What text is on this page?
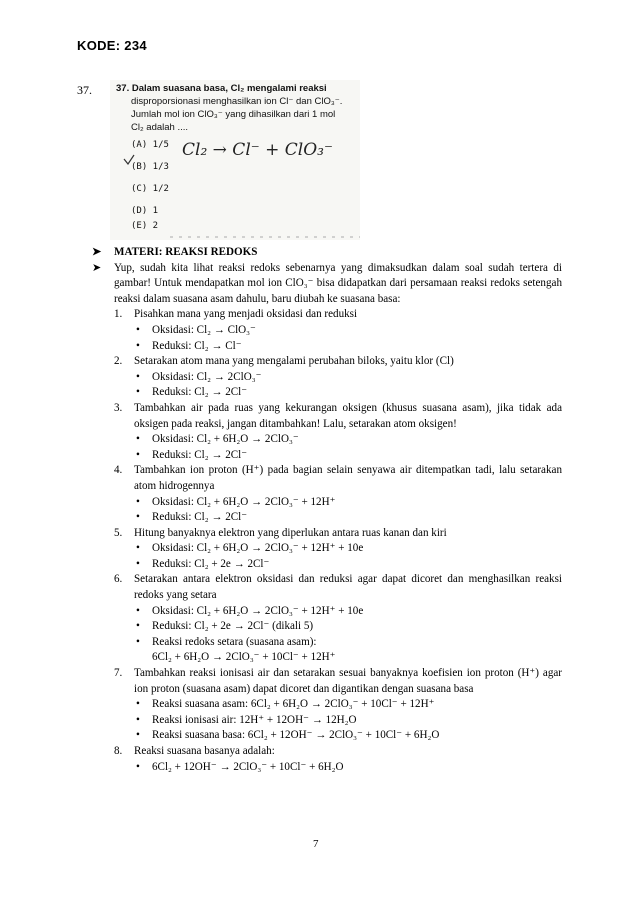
KODE: 234
37.	37. Dalam suasana basa, Cl₂ mengalami reaksi
disproporsionasi menghasilkan ion Cl⁻ dan ClO₃⁻.
Jumlah mol ion ClO₃⁻ yang dihasilkan dari 1 mol
Cl₂ adalah ....
(A) 1/5
(B) 1/3
(C) 1/2
(D) 1
(E) 2
Cl₂ → Cl⁻ + ClO₃⁻
➤ MATERI: REAKSI REDOKS
➤ Yup, sudah kita lihat reaksi redoks sebenarnya yang dimaksudkan dalam soal sudah tertera di gambar! Untuk mendapatkan mol ion ClO₃⁻ bisa didapatkan dari persamaan reaksi redoks setengah reaksi dalam suasana asam dahulu, baru diubah ke suasana basa:
1. Pisahkan mana yang menjadi oksidasi dan reduksi
• Oksidasi: Cl₂ → ClO₃⁻
• Reduksi: Cl₂ → Cl⁻
2. Setarakan atom mana yang mengalami perubahan biloks, yaitu klor (Cl)
• Oksidasi: Cl₂ → 2ClO₃⁻
• Reduksi: Cl₂ → 2Cl⁻
3. Tambahkan air pada ruas yang kekurangan oksigen (khusus suasana asam), jika tidak ada oksigen pada reaksi, jangan ditambahkan! Lalu, setarakan atom oksigen!
• Oksidasi: Cl₂ + 6H₂O → 2ClO₃⁻
• Reduksi: Cl₂ → 2Cl⁻
4. Tambahkan ion proton (H⁺) pada bagian selain senyawa air ditempatkan tadi, lalu setarakan atom hidrogennya
• Oksidasi: Cl₂ + 6H₂O → 2ClO₃⁻ + 12H⁺
• Reduksi: Cl₂ → 2Cl⁻
5. Hitung banyaknya elektron yang diperlukan antara ruas kanan dan kiri
• Oksidasi: Cl₂ + 6H₂O → 2ClO₃⁻ + 12H⁺ + 10e
• Reduksi: Cl₂ + 2e → 2Cl⁻
6. Setarakan antara elektron oksidasi dan reduksi agar dapat dicoret dan menghasilkan reaksi redoks yang setara
• Oksidasi: Cl₂ + 6H₂O → 2ClO₃⁻ + 12H⁺ + 10e
• Reduksi: Cl₂ + 2e → 2Cl⁻ (dikali 5)
• Reaksi redoks setara (suasana asam):
6Cl₂ + 6H₂O → 2ClO₃⁻ + 10Cl⁻ + 12H⁺
7. Tambahkan reaksi ionisasi air dan setarakan sesuai banyaknya koefisien ion proton (H⁺) agar ion proton (suasana asam) dapat dicoret dan digantikan dengan suasana basa
• Reaksi suasana asam: 6Cl₂ + 6H₂O → 2ClO₃⁻ + 10Cl⁻ + 12H⁺
• Reaksi ionisasi air: 12H⁺ + 12OH⁻ → 12H₂O
• Reaksi suasana basa: 6Cl₂ + 12OH⁻ → 2ClO₃⁻ + 10Cl⁻ + 6H₂O
8. Reaksi suasana basanya adalah:
• 6Cl₂ + 12OH⁻ → 2ClO₃⁻ + 10Cl⁻ + 6H₂O
7
